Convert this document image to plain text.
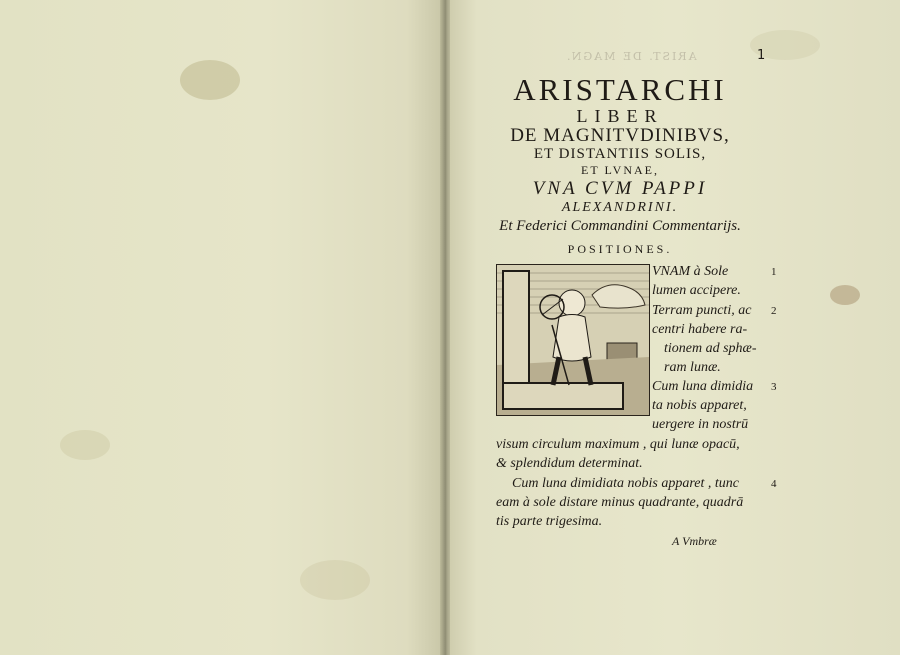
ARIST. DE MAGN.	1
ARISTARCHI
LIBER
DE MAGNITVDINIBVS,
ET DISTANTIIS SOLIS,
ET LVNAE,
VNA CVM PAPPI
ALEXANDRINI.
Et Federici Commandini Commentarijs.
POSITIONES.
VNAM à Sole
lumen accipere.
Terram puncti, ac
centri habere ra-
tionem ad sphæ-
ram lunæ.
Cum luna dimidia
ta nobis apparet,
uergere in nostrū
visum circulum maximum , qui lunæ opacū,
& splendidum determinat.
Cum luna dimidiata nobis apparet , tunc
eam à sole distare minus quadrante, quadrā
tis parte trigesima.
1
2
3
4
A Vmbræ
